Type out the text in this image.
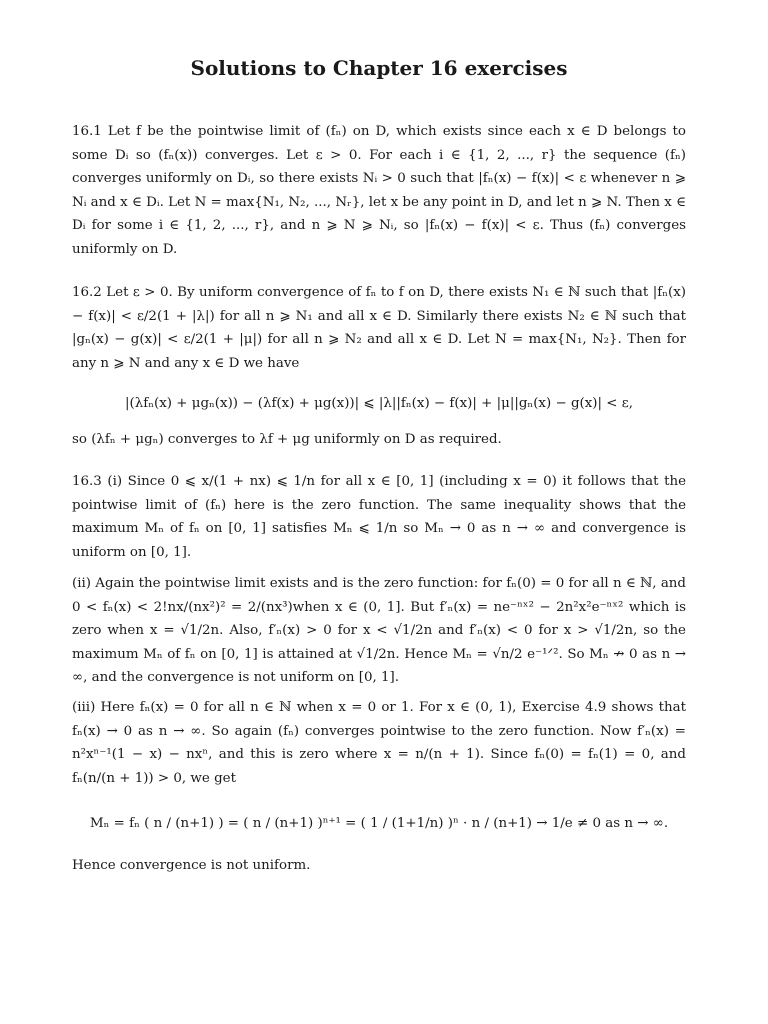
Solutions to Chapter 16 exercises

16.1 Let f be the pointwise limit of (fₙ) on D, which exists since each x ∈ D belongs to some Dᵢ so (fₙ(x)) converges. Let ε > 0. For each i ∈ {1, 2, ..., r} the sequence (fₙ) converges uniformly on Dᵢ, so there exists Nᵢ > 0 such that |fₙ(x) − f(x)| < ε whenever n ⩾ Nᵢ and x ∈ Dᵢ. Let N = max{N₁, N₂, ..., Nᵣ}, let x be any point in D, and let n ⩾ N. Then x ∈ Dᵢ for some i ∈ {1, 2, ..., r}, and n ⩾ N ⩾ Nᵢ, so |fₙ(x) − f(x)| < ε. Thus (fₙ) converges uniformly on D.

16.2 Let ε > 0. By uniform convergence of fₙ to f on D, there exists N₁ ∈ ℕ such that |fₙ(x) − f(x)| < ε/2(1 + |λ|) for all n ⩾ N₁ and all x ∈ D. Similarly there exists N₂ ∈ ℕ such that |gₙ(x) − g(x)| < ε/2(1 + |μ|) for all n ⩾ N₂ and all x ∈ D. Let N = max{N₁, N₂}. Then for any n ⩾ N and any x ∈ D we have

|(λfₙ(x) + μgₙ(x)) − (λf(x) + μg(x))| ⩽ |λ||fₙ(x) − f(x)| + |μ||gₙ(x) − g(x)| < ε,

so (λfₙ + μgₙ) converges to λf + μg uniformly on D as required.

16.3 (i) Since 0 ⩽ x/(1 + nx) ⩽ 1/n for all x ∈ [0, 1] (including x = 0) it follows that the pointwise limit of (fₙ) here is the zero function. The same inequality shows that the maximum Mₙ of fₙ on [0, 1] satisfies Mₙ ⩽ 1/n so Mₙ → 0 as n → ∞ and convergence is uniform on [0, 1].

(ii) Again the pointwise limit exists and is the zero function: for fₙ(0) = 0 for all n ∈ ℕ, and 0 < fₙ(x) < 2!nx/(nx²)² = 2/(nx³)when x ∈ (0, 1]. But f′ₙ(x) = ne⁻ⁿˣ² − 2n²x²e⁻ⁿˣ² which is zero when x = √1/2n. Also, f′ₙ(x) > 0 for x < √1/2n and f′ₙ(x) < 0 for x > √1/2n, so the maximum Mₙ of fₙ on [0, 1] is attained at √1/2n. Hence Mₙ = √n/2 e⁻¹ᐟ². So Mₙ ↛ 0 as n → ∞, and the convergence is not uniform on [0, 1].

(iii) Here fₙ(x) = 0 for all n ∈ ℕ when x = 0 or 1. For x ∈ (0, 1), Exercise 4.9 shows that fₙ(x) → 0 as n → ∞. So again (fₙ) converges pointwise to the zero function. Now f′ₙ(x) = n²xⁿ⁻¹(1 − x) − nxⁿ, and this is zero where x = n/(n + 1). Since fₙ(0) = fₙ(1) = 0, and fₙ(n/(n + 1)) > 0, we get

Mₙ = fₙ ( n / (n+1) ) = ( n / (n+1) )ⁿ⁺¹ = ( 1 / (1+1/n) )ⁿ · n / (n+1) → 1/e ≠ 0 as n → ∞.

Hence convergence is not uniform.
